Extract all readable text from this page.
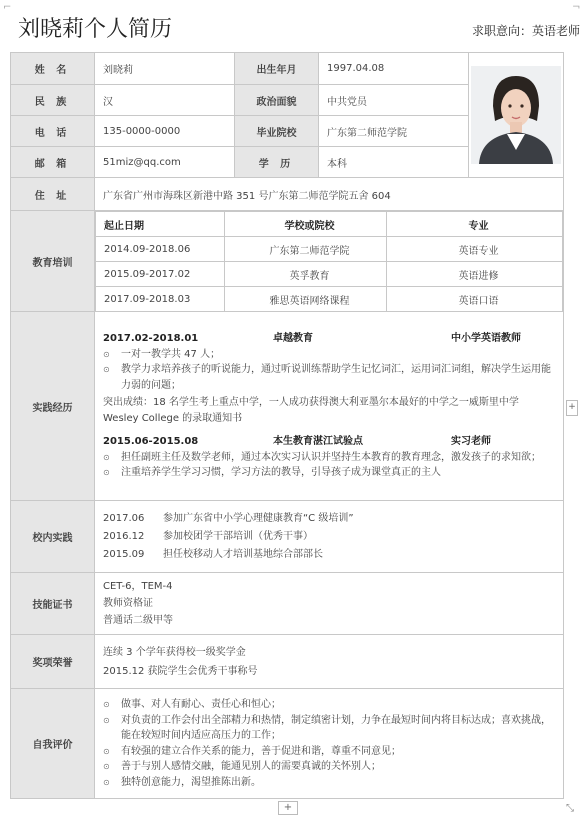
⌐	¬
刘晓莉个人简历	求职意向：英语老师
姓 名	刘晓莉	出生年月	1997.04.08	

民 族	汉	政治面貌	中共党员
电 话	135-0000-0000	毕业院校	广东第二师范学院
邮 箱	51miz@qq.com	学 历	本科
住 址	广东省广州市海珠区新港中路 351 号广东第二师范学院五舍 604
教育培训	
起止日期	学校或院校	专业
2014.09-2018.06	广东第二师范学院	英语专业
2015.09-2017.02	英孚教育	英语进修
2017.09-2018.03	雅思英语网络课程	英语口语

实践经历	
2017.02-2018.01	卓越教育	中小学英语教师
⊙	一对一教学共 47 人；
⊙	教学力求培养孩子的听说能力，通过听说训练帮助学生记忆词汇，运用词汇词组，解决学生运用能力弱的问题；
突出成绩：18 名学生考上重点中学，一人成功获得澳大利亚墨尔本最好的中学之一威斯里中学 Wesley College 的录取通知书
2015.06-2015.08	本生教育湛江试验点	实习老师
⊙	担任副班主任及数学老师，通过本次实习认识并坚持生本教育的教育理念，激发孩子的求知欲；
⊙	注重培养学生学习习惯，学习方法的教导，引导孩子成为课堂真正的主人

校内实践	
2017.06	参加广东省中小学心理健康教育“C 级培训”
2016.12	参加校团学干部培训（优秀干事）
2015.09	担任校移动人才培训基地综合部部长

技能证书	
CET-6，TEM-4
教师资格证
普通话二级甲等

奖项荣誉	
连续 3 个学年获得校一级奖学金
2015.12 获院学生会优秀干事称号

自我评价	
⊙	做事、对人有耐心、责任心和恒心；
⊙	对负责的工作会付出全部精力和热情，制定缜密计划，力争在最短时间内将目标达成；喜欢挑战，能在较短时间内适应高压力的工作；
⊙	有较强的建立合作关系的能力，善于促进和谐，尊重不同意见；
⊙	善于与别人感情交融，能通见别人的需要真诚的关怀别人；
⊙	独特创意能力，渴望推陈出新。
+
+	⤡
